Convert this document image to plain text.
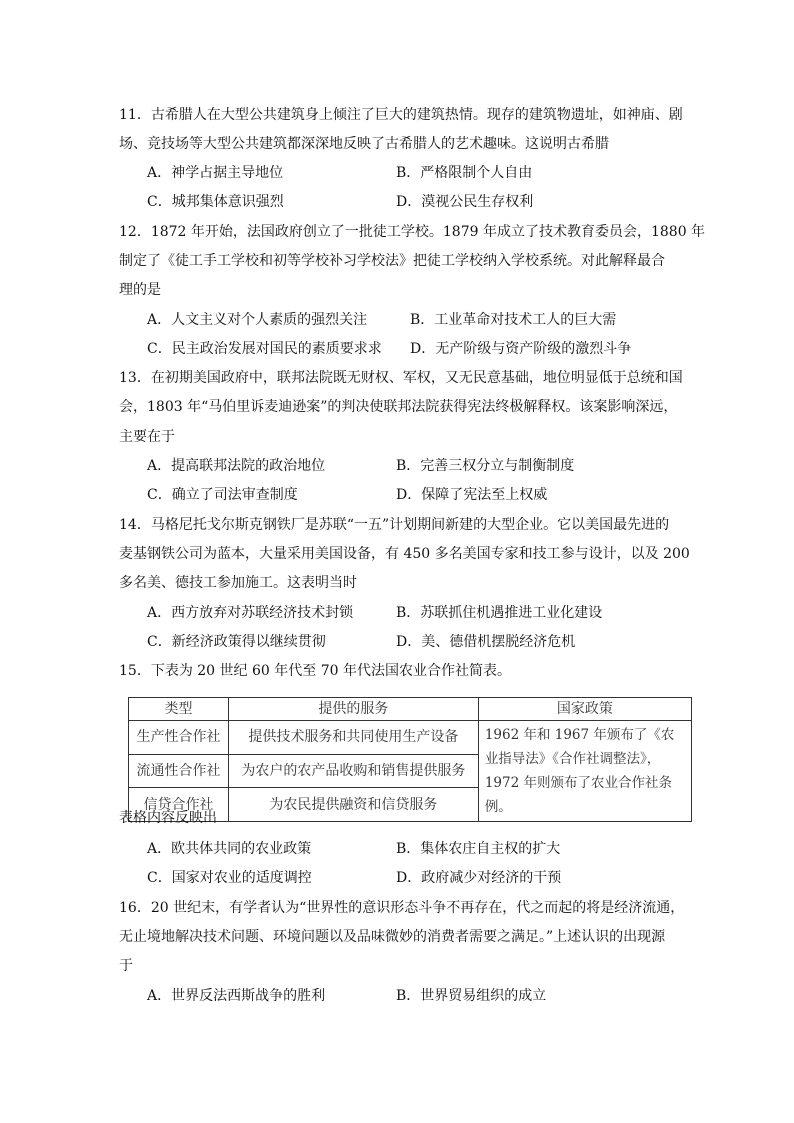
11．古希腊人在大型公共建筑身上倾注了巨大的建筑热情。现存的建筑物遗址，如神庙、剧
场、竞技场等大型公共建筑都深深地反映了古希腊人的艺术趣味。这说明古希腊
A．神学占据主导地位	B．严格限制个人自由
C．城邦集体意识强烈	D．漠视公民生存权利
12．1872 年开始，法国政府创立了一批徒工学校。1879 年成立了技术教育委员会，1880 年
制定了《徒工手工学校和初等学校补习学校法》把徒工学校纳入学校系统。对此解释最合
理的是
A．人文主义对个人素质的强烈关注	B．工业革命对技术工人的巨大需
C．民主政治发展对国民的素质要求求 D．无产阶级与资产阶级的激烈斗争
13．在初期美国政府中，联邦法院既无财权、军权，又无民意基础，地位明显低于总统和国
会，1803 年“马伯里诉麦迪逊案”的判决使联邦法院获得宪法终极解释权。该案影响深远，
主要在于
A．提高联邦法院的政治地位	B．完善三权分立与制衡制度
C．确立了司法审查制度	D．保障了宪法至上权威
14．马格尼托戈尔斯克钢铁厂是苏联“一五”计划期间新建的大型企业。它以美国最先进的
麦基钢铁公司为蓝本，大量采用美国设备，有 450 多名美国专家和技工参与设计，以及 200
多名美、德技工参加施工。这表明当时
A．西方放弃对苏联经济技术封锁	B．苏联抓住机遇推进工业化建设
C．新经济政策得以继续贯彻	D．美、德借机摆脱经济危机
15．下表为 20 世纪 60 年代至 70 年代法国农业合作社简表。
类型	提供的服务	国家政策
生产性合作社	提供技术服务和共同使用生产设备	1962 年和 1967 年颁布了《农业指导法》《合作社调整法》，1972 年则颁布了农业合作社条例。
流通性合作社	为农户的农产品收购和销售提供服务	
信贷合作社	为农民提供融资和信贷服务	
表格内容反映出
A．欧共体共同的农业政策	B．集体农庄自主权的扩大
C．国家对农业的适度调控	D．政府减少对经济的干预
16．20 世纪末，有学者认为“世界性的意识形态斗争不再存在，代之而起的将是经济流通，
无止境地解决技术问题、环境问题以及品味微妙的消费者需要之满足。”上述认识的出现源
于
A．世界反法西斯战争的胜利	B．世界贸易组织的成立
